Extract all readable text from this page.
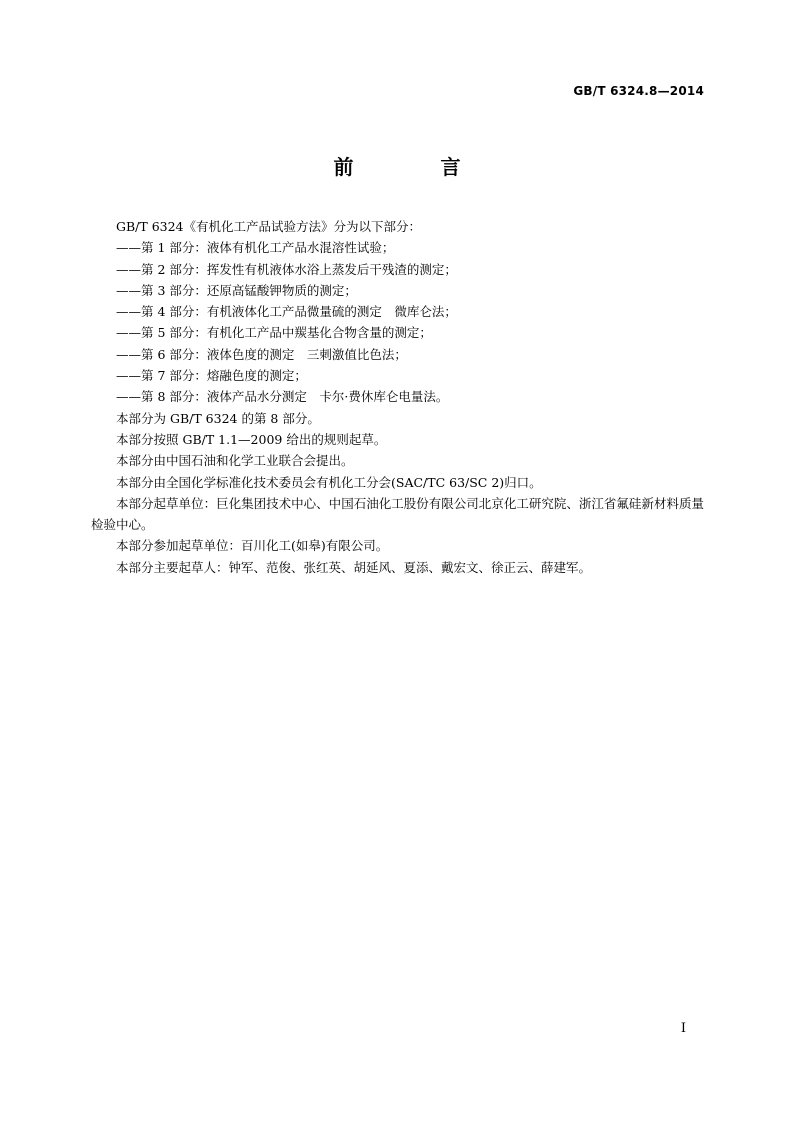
GB/T 6324.8—2014
前 言

GB/T 6324《有机化工产品试验方法》分为以下部分：

——第 1 部分：液体有机化工产品水混溶性试验；

——第 2 部分：挥发性有机液体水浴上蒸发后干残渣的测定；

——第 3 部分：还原高锰酸钾物质的测定；

——第 4 部分：有机液体化工产品微量硫的测定　微库仑法；

——第 5 部分：有机化工产品中羰基化合物含量的测定；

——第 6 部分：液体色度的测定　三刺激值比色法；

——第 7 部分：熔融色度的测定；

——第 8 部分：液体产品水分测定　卡尔·费休库仑电量法。

本部分为 GB/T 6324 的第 8 部分。

本部分按照 GB/T 1.1—2009 给出的规则起草。

本部分由中国石油和化学工业联合会提出。

本部分由全国化学标准化技术委员会有机化工分会(SAC/TC 63/SC 2)归口。

本部分起草单位：巨化集团技术中心、中国石油化工股份有限公司北京化工研究院、浙江省氟硅新材料质量检验中心。

本部分参加起草单位：百川化工(如皋)有限公司。

本部分主要起草人：钟军、范俊、张红英、胡延风、夏添、戴宏文、徐正云、薛建军。

I
